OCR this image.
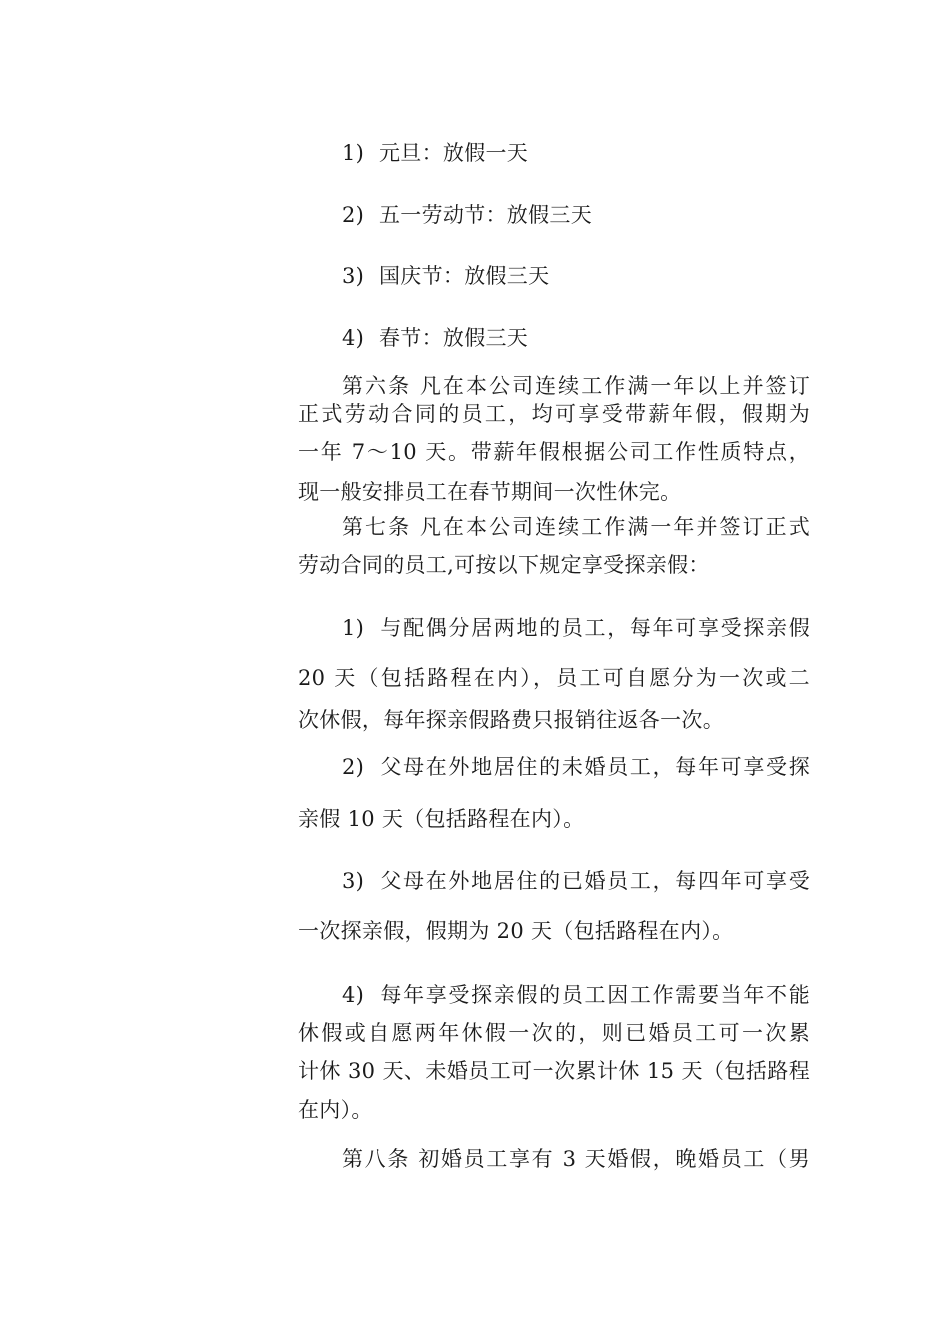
1) 元旦：放假一天
2) 五一劳动节：放假三天
3) 国庆节：放假三天
4) 春节：放假三天
第六条 凡在本公司连续工作满一年以上并签订
正式劳动合同的员工，均可享受带薪年假，假期为
一年 7～10 天。带薪年假根据公司工作性质特点，
现一般安排员工在春节期间一次性休完。
第七条 凡在本公司连续工作满一年并签订正式
劳动合同的员工,可按以下规定享受探亲假：
1) 与配偶分居两地的员工，每年可享受探亲假
20 天（包括路程在内），员工可自愿分为一次或二
次休假，每年探亲假路费只报销往返各一次。
2) 父母在外地居住的未婚员工，每年可享受探
亲假 10 天（包括路程在内）。
3) 父母在外地居住的已婚员工，每四年可享受
一次探亲假，假期为 20 天（包括路程在内）。
4) 每年享受探亲假的员工因工作需要当年不能
休假或自愿两年休假一次的，则已婚员工可一次累
计休 30 天、未婚员工可一次累计休 15 天（包括路程
在内）。
第八条 初婚员工享有 3 天婚假，晚婚员工（男
